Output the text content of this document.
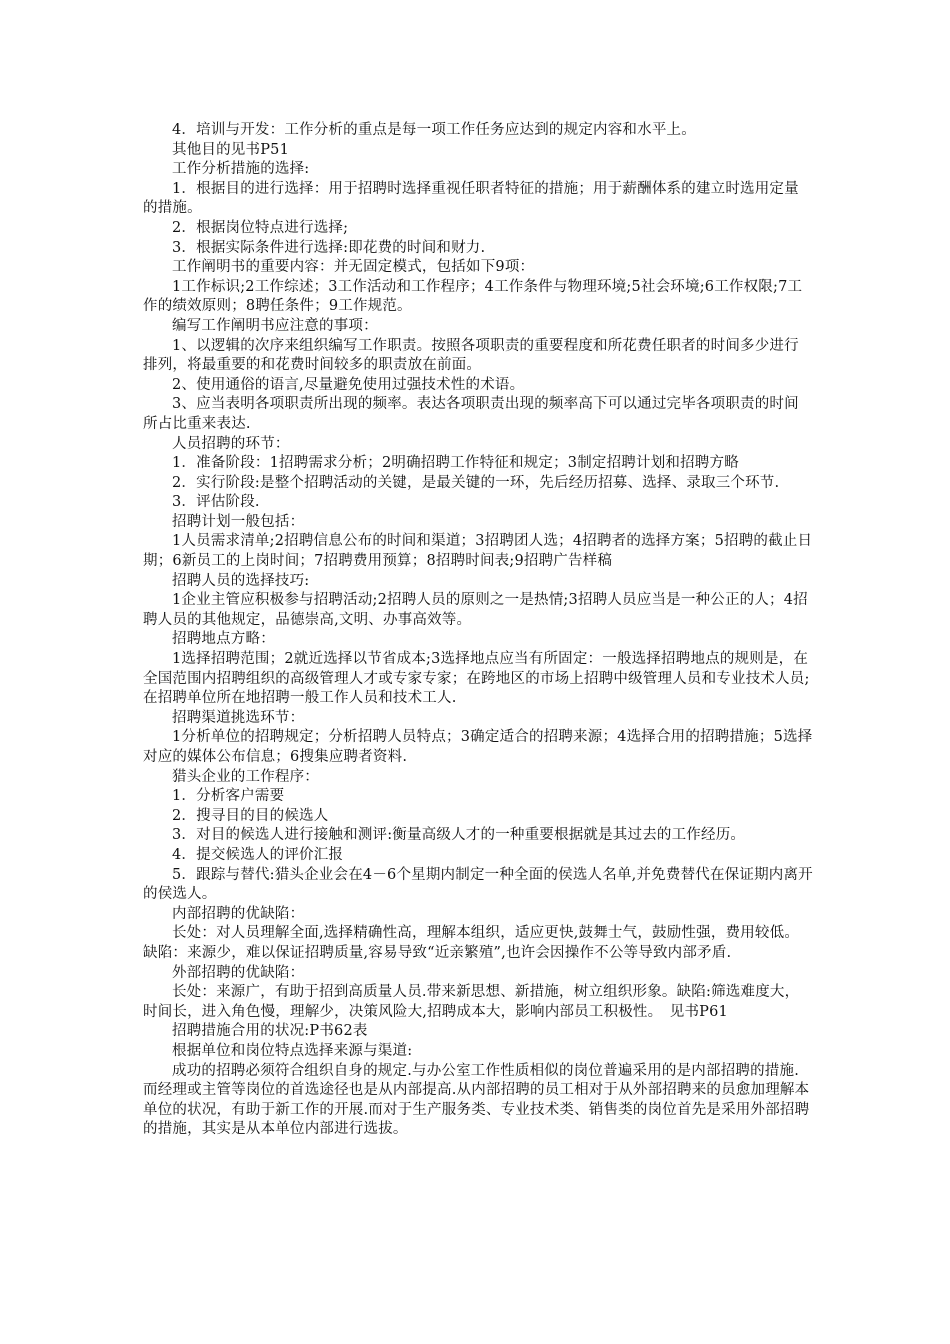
4．培训与开发：工作分析的重点是每一项工作任务应达到的规定内容和水平上。

其他目的见书P51

工作分析措施的选择:

1．根据目的进行选择：用于招聘时选择重视任职者特征的措施；用于薪酬体系的建立时选用定量的措施。

2．根据岗位特点进行选择;

3．根据实际条件进行选择:即花费的时间和财力.

工作阐明书的重要内容：并无固定模式，包括如下9项：

1工作标识;2工作综述；3工作活动和工作程序；4工作条件与物理环境;5社会环境;6工作权限;7工作的绩效原则；8聘任条件；9工作规范。

编写工作阐明书应注意的事项：

1、以逻辑的次序来组织编写工作职责。按照各项职责的重要程度和所花费任职者的时间多少进行排列，将最重要的和花费时间较多的职责放在前面。

2、使用通俗的语言,尽量避免使用过强技术性的术语。

3、应当表明各项职责所出现的频率。表达各项职责出现的频率高下可以通过完毕各项职责的时间所占比重来表达.

人员招聘的环节：

1．准备阶段：1招聘需求分析；2明确招聘工作特征和规定；3制定招聘计划和招聘方略

2．实行阶段:是整个招聘活动的关键，是最关键的一环，先后经历招募、选择、录取三个环节.

3．评估阶段.

招聘计划一般包括：

1人员需求清单;2招聘信息公布的时间和渠道；3招聘团人选；4招聘者的选择方案；5招聘的截止日期；6新员工的上岗时间；7招聘费用预算；8招聘时间表;9招聘广告样稿

招聘人员的选择技巧:

1企业主管应积极参与招聘活动;2招聘人员的原则之一是热情;3招聘人员应当是一种公正的人；4招聘人员的其他规定，品德崇高,文明、办事高效等。

招聘地点方略：

1选择招聘范围；2就近选择以节省成本;3选择地点应当有所固定：一般选择招聘地点的规则是，在全国范围内招聘组织的高级管理人才或专家专家；在跨地区的市场上招聘中级管理人员和专业技术人员;在招聘单位所在地招聘一般工作人员和技术工人.

招聘渠道挑选环节：

1分析单位的招聘规定；分析招聘人员特点；3确定适合的招聘来源；4选择合用的招聘措施；5选择对应的媒体公布信息；6搜集应聘者资料.

猎头企业的工作程序：

1．分析客户需要

2．搜寻目的目的候选人

3．对目的候选人进行接触和测评:衡量高级人才的一种重要根据就是其过去的工作经历。

4．提交候选人的评价汇报

5．跟踪与替代:猎头企业会在4－6个星期内制定一种全面的侯选人名单,并免费替代在保证期内离开的侯选人。

内部招聘的优缺陷：

长处：对人员理解全面,选择精确性高，理解本组织，适应更快,鼓舞士气，鼓励性强，费用较低。缺陷：来源少，难以保证招聘质量,容易导致“近亲繁殖”,也许会因操作不公等导致内部矛盾.

外部招聘的优缺陷：

长处：来源广，有助于招到高质量人员.带来新思想、新措施，树立组织形象。缺陷:筛选难度大，时间长，进入角色慢，理解少，决策风险大,招聘成本大，影响内部员工积极性。　见书P61

招聘措施合用的状况:P书62表

根据单位和岗位特点选择来源与渠道:

成功的招聘必须符合组织自身的规定.与办公室工作性质相似的岗位普遍采用的是内部招聘的措施.而经理或主管等岗位的首选途径也是从内部提高.从内部招聘的员工相对于从外部招聘来的员愈加理解本单位的状况，有助于新工作的开展.而对于生产服务类、专业技术类、销售类的岗位首先是采用外部招聘的措施，其实是从本单位内部进行选拔。
